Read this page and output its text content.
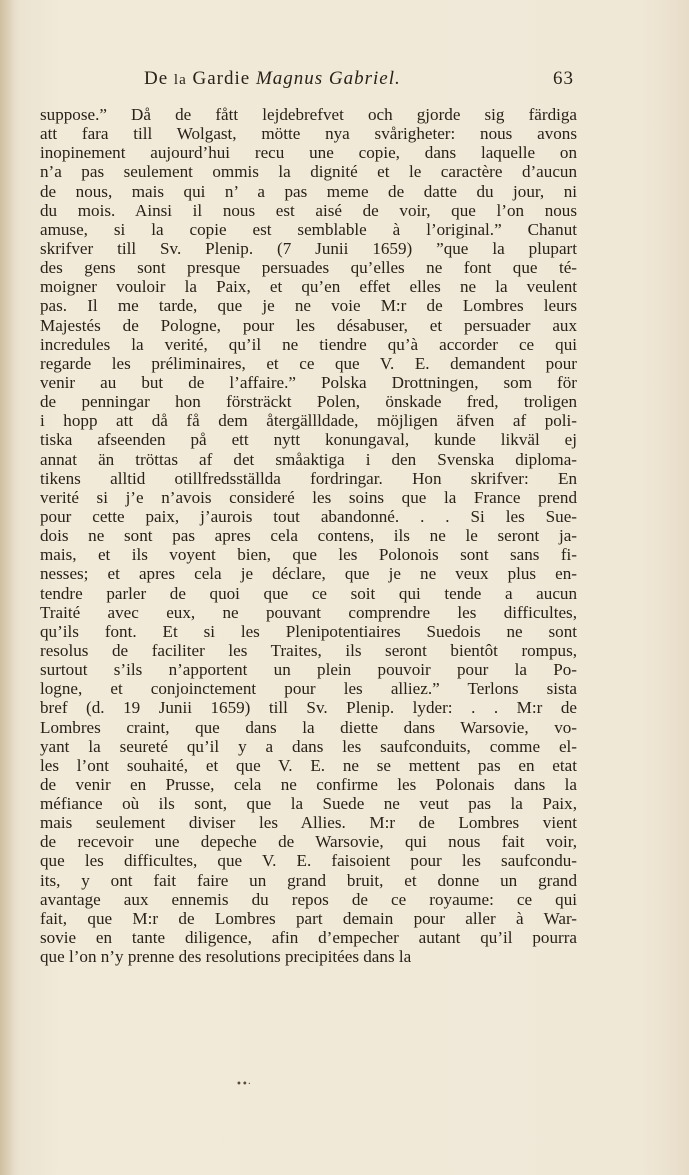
De la Gardie Magnus Gabriel.	63
suppose.” Då de fått lejdebrefvet och gjorde sig färdiga
att fara till Wolgast, mötte nya svårigheter: nous avons
inopinement aujourd’hui recu une copie, dans laquelle on
n’a pas seulement ommis la dignité et le caractère d’aucun
de nous, mais qui n’ a pas meme de datte du jour, ni
du mois. Ainsi il nous est aisé de voir, que l’on nous
amuse, si la copie est semblable à l’original.” Chanut
skrifver till Sv. Plenip. (7 Junii 1659) ”que la plupart
des gens sont presque persuades qu’elles ne font que té-
moigner vouloir la Paix, et qu’en effet elles ne la veulent
pas. Il me tarde, que je ne voie M:r de Lombres leurs
Majestés de Pologne, pour les désabuser, et persuader aux
incredules la verité, qu’il ne tiendre qu’à accorder ce qui
regarde les préliminaires, et ce que V. E. demandent pour
venir au but de l’affaire.” Polska Drottningen, som för
de penningar hon försträckt Polen, önskade fred, troligen
i hopp att då få dem återgällldade, möjligen äfven af poli-
tiska afseenden på ett nytt konungaval, kunde likväl ej
annat än tröttas af det småaktiga i den Svenska diploma-
tikens alltid otillfredsställda fordringar. Hon skrifver: En
verité si j’e n’avois consideré les soins que la France prend
pour cette paix, j’aurois tout abandonné. . . Si les Sue-
dois ne sont pas apres cela contens, ils ne le seront ja-
mais, et ils voyent bien, que les Polonois sont sans fi-
nesses; et apres cela je déclare, que je ne veux plus en-
tendre parler de quoi que ce soit qui tende a aucun
Traité avec eux, ne pouvant comprendre les difficultes,
qu’ils font. Et si les Plenipotentiaires Suedois ne sont
resolus de faciliter les Traites, ils seront bientôt rompus,
surtout s’ils n’apportent un plein pouvoir pour la Po-
logne, et conjoinctement pour les alliez.” Terlons sista
bref (d. 19 Junii 1659) till Sv. Plenip. lyder: . . M:r de
Lombres craint, que dans la diette dans Warsovie, vo-
yant la seureté qu’il y a dans les saufconduits, comme el-
les l’ont souhaité, et que V. E. ne se mettent pas en etat
de venir en Prusse, cela ne confirme les Polonais dans la
méfiance où ils sont, que la Suede ne veut pas la Paix,
mais seulement diviser les Allies. M:r de Lombres vient
de recevoir une depeche de Warsovie, qui nous fait voir,
que les difficultes, que V. E. faisoient pour les saufcondu-
its, y ont fait faire un grand bruit, et donne un grand
avantage aux ennemis du repos de ce royaume: ce qui
fait, que M:r de Lombres part demain pour aller à War-
sovie en tante diligence, afin d’empecher autant qu’il pourra
que l’on n’y prenne des resolutions precipitées dans la
••·
